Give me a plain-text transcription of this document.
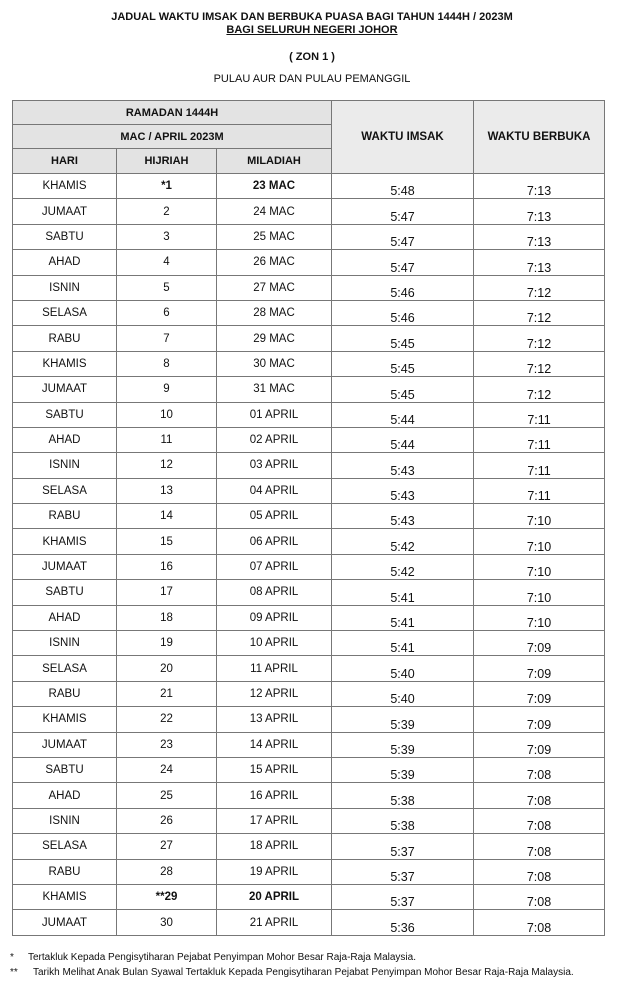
JADUAL WAKTU IMSAK DAN BERBUKA PUASA BAGI TAHUN 1444H / 2023M
BAGI SELURUH NEGERI JOHOR
( ZON 1 )
PULAU AUR DAN PULAU PEMANGGIL
RAMADAN 1444H			WAKTU IMSAK	WAKTU BERBUKA
MAC / APRIL 2023M				
HARI	HIJRIAH	MILADIAH		
KHAMIS	*1	23 MAC	5:48	7:13
JUMAAT	2	24 MAC	5:47	7:13
SABTU	3	25 MAC	5:47	7:13
AHAD	4	26 MAC	5:47	7:13
ISNIN	5	27 MAC	5:46	7:12
SELASA	6	28 MAC	5:46	7:12
RABU	7	29 MAC	5:45	7:12
KHAMIS	8	30 MAC	5:45	7:12
JUMAAT	9	31 MAC	5:45	7:12
SABTU	10	01 APRIL	5:44	7:11
AHAD	11	02 APRIL	5:44	7:11
ISNIN	12	03 APRIL	5:43	7:11
SELASA	13	04 APRIL	5:43	7:11
RABU	14	05 APRIL	5:43	7:10
KHAMIS	15	06 APRIL	5:42	7:10
JUMAAT	16	07 APRIL	5:42	7:10
SABTU	17	08 APRIL	5:41	7:10
AHAD	18	09 APRIL	5:41	7:10
ISNIN	19	10 APRIL	5:41	7:09
SELASA	20	11 APRIL	5:40	7:09
RABU	21	12 APRIL	5:40	7:09
KHAMIS	22	13 APRIL	5:39	7:09
JUMAAT	23	14 APRIL	5:39	7:09
SABTU	24	15 APRIL	5:39	7:08
AHAD	25	16 APRIL	5:38	7:08
ISNIN	26	17 APRIL	5:38	7:08
SELASA	27	18 APRIL	5:37	7:08
RABU	28	19 APRIL	5:37	7:08
KHAMIS	**29	20 APRIL	5:37	7:08
JUMAAT	30	21 APRIL	5:36	7:08
* Tertakluk Kepada Pengisytiharan Pejabat Penyimpan Mohor Besar Raja-Raja Malaysia.
** Tarikh Melihat Anak Bulan Syawal Tertakluk Kepada Pengisytiharan Pejabat Penyimpan Mohor Besar Raja-Raja Malaysia.
